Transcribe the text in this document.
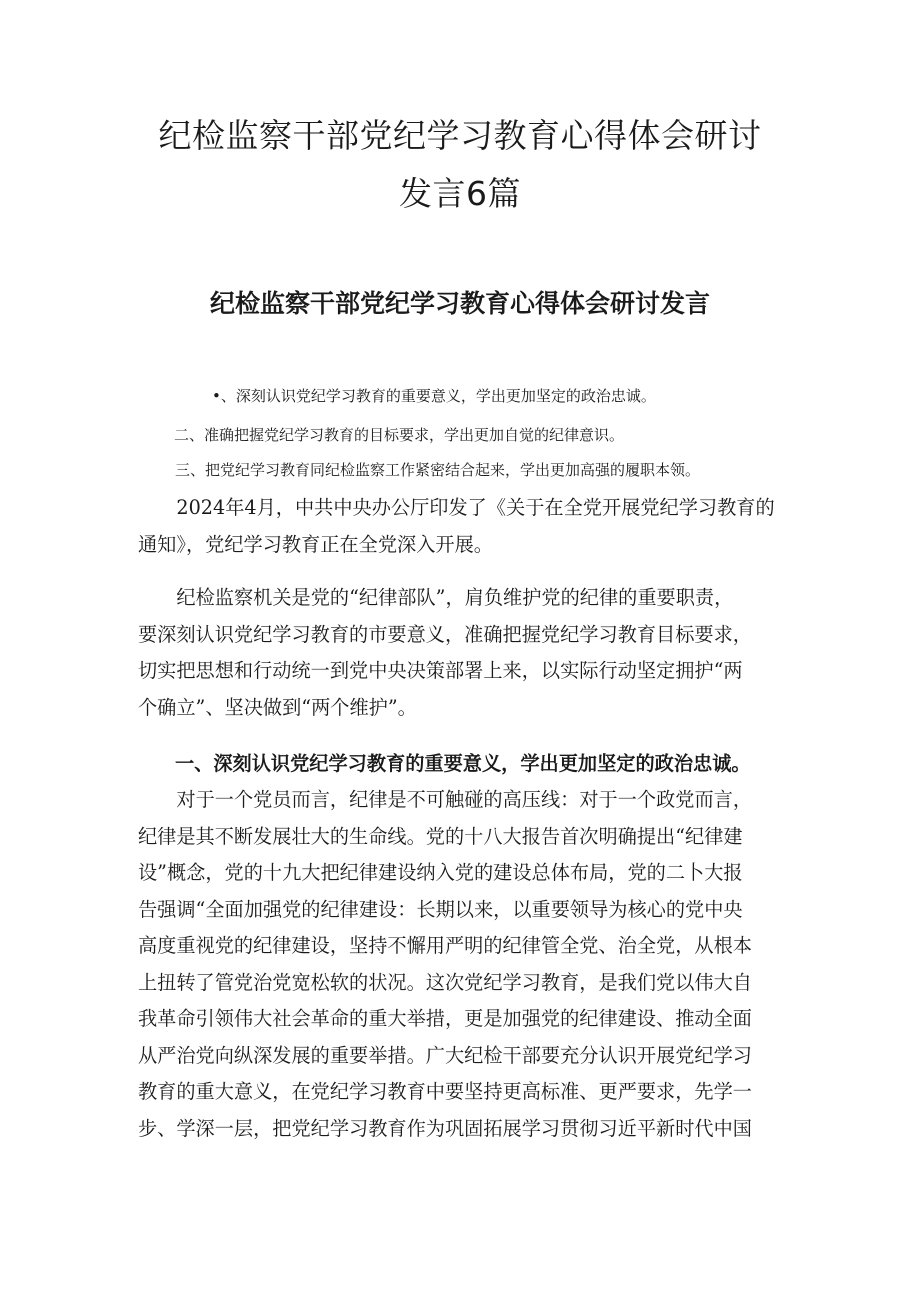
纪检监察干部党纪学习教育心得体会研讨
发言6篇
纪检监察干部党纪学习教育心得体会研讨发言
•、深刻认识党纪学习教育的重要意义，学出更加坚定的政治忠诚。
二、准确把握党纪学习教育的目标要求，学出更加自觉的纪律意识。
三、把党纪学习教育同纪检监察工作紧密结合起来，学出更加高强的履职本领。
2024年4月，中共中央办公厅印发了《关于在全党开展党纪学习教育的
通知》，党纪学习教育正在全党深入开展。
纪检监察机关是党的“纪律部队”，肩负维护党的纪律的重要职责，
要深刻认识党纪学习教育的市要意义，准确把握党纪学习教育目标要求，
切实把思想和行动统一到党中央决策部署上来，以实际行动坚定拥护“两
个确立”、坚决做到“两个维护”。
一、深刻认识党纪学习教育的重要意义，学出更加坚定的政治忠诚。
对于一个党员而言，纪律是不可触碰的高压线：对于一个政党而言，
纪律是其不断发展壮大的生命线。党的十八大报告首次明确提出“纪律建
设”概念，党的十九大把纪律建设纳入党的建设总体布局，党的二卜大报
告强调“全面加强党的纪律建设：长期以来，以重要领导为核心的党中央
高度重视党的纪律建设，坚持不懈用严明的纪律管全党、治全党，从根本
上扭转了管党治党宽松软的状况。这次党纪学习教育，是我们党以伟大自
我革命引领伟大社会革命的重大举措，更是加强党的纪律建设、推动全面
从严治党向纵深发展的重要举措。广大纪检干部要充分认识开展党纪学习
教育的重大意义，在党纪学习教育中要坚持更高标准、更严要求，先学一
步、学深一层，把党纪学习教育作为巩固拓展学习贯彻习近平新时代中国
